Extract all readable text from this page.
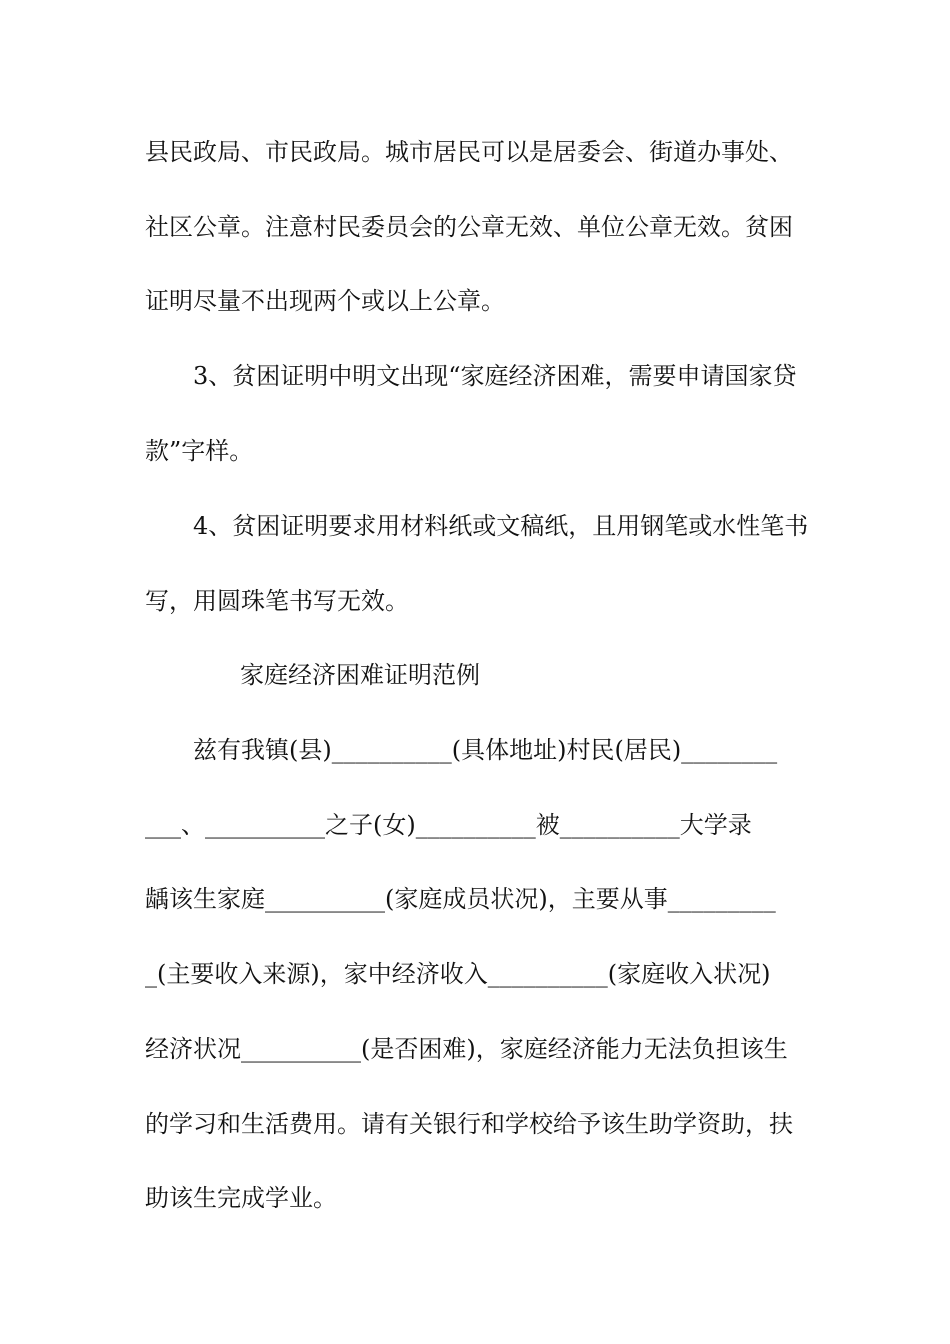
县民政局、市民政局。城市居民可以是居委会、街道办事处、
社区公章。注意村民委员会的公章无效、单位公章无效。贫困
证明尽量不出现两个或以上公章。
3、贫困证明中明文出现“家庭经济困难，需要申请国家贷
款”字样。
4、贫困证明要求用材料纸或文稿纸，且用钢笔或水性笔书
写，用圆珠笔书写无效。
家庭经济困难证明范例
兹有我镇(县)__________(具体地址)村民(居民)________
___、__________之子(女)__________被__________大学录
龋该生家庭__________(家庭成员状况)，主要从事_________
_(主要收入来源)，家中经济收入__________(家庭收入状况)
经济状况__________(是否困难)，家庭经济能力无法负担该生
的学习和生活费用。请有关银行和学校给予该生助学资助，扶
助该生完成学业。
